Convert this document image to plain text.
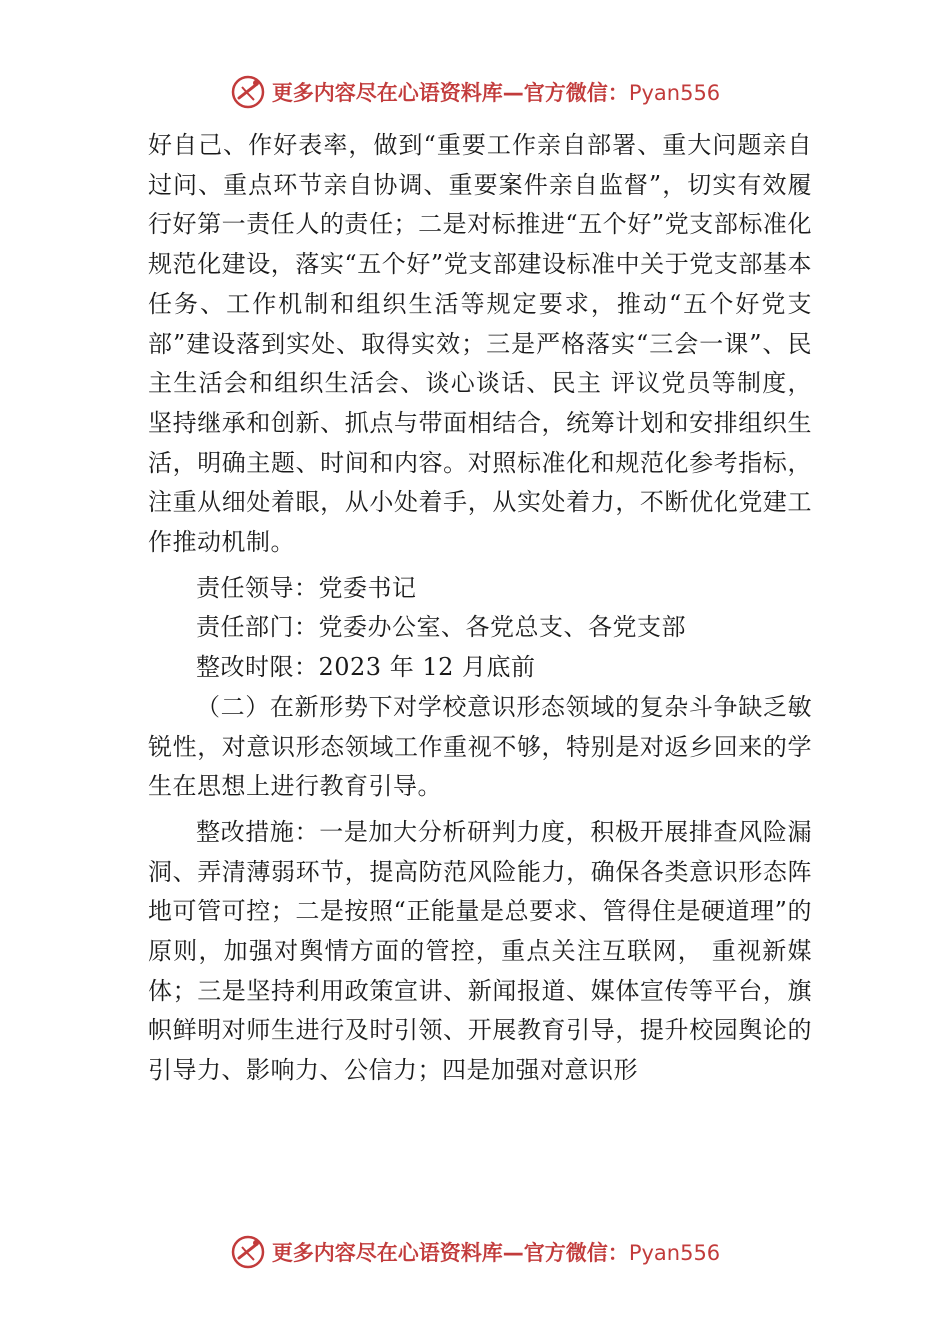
更多内容尽在心语资料库—官方微信：Pyan556

好自己、作好表率，做到“重要工作亲自部署、重大问题亲自过问、重点环节亲自协调、重要案件亲自监督”，切实有效履行好第一责任人的责任；二是对标推进“五个好”党支部标准化规范化建设，落实“五个好”党支部建设标准中关于党支部基本任务、工作机制和组织生活等规定要求，推动“五个好党支部”建设落到实处、取得实效；三是严格落实“三会一课”、民主生活会和组织生活会、谈心谈话、民主 评议党员等制度，坚持继承和创新、抓点与带面相结合，统筹计划和安排组织生活，明确主题、时间和内容。对照标准化和规范化参考指标，注重从细处着眼，从小处着手，从实处着力，不断优化党建工作推动机制。

责任领导：党委书记

责任部门：党委办公室、各党总支、各党支部

整改时限：2023 年 12 月底前

（二）在新形势下对学校意识形态领域的复杂斗争缺乏敏锐性，对意识形态领域工作重视不够，特别是对返乡回来的学生在思想上进行教育引导。

整改措施：一是加大分析研判力度，积极开展排查风险漏洞、弄清薄弱环节，提高防范风险能力，确保各类意识形态阵地可管可控；二是按照“正能量是总要求、管得住是硬道理”的原则，加强对舆情方面的管控，重点关注互联网， 重视新媒体；三是坚持利用政策宣讲、新闻报道、媒体宣传等平台，旗帜鲜明对师生进行及时引领、开展教育引导，提升校园舆论的引导力、影响力、公信力；四是加强对意识形

更多内容尽在心语资料库—官方微信：Pyan556
